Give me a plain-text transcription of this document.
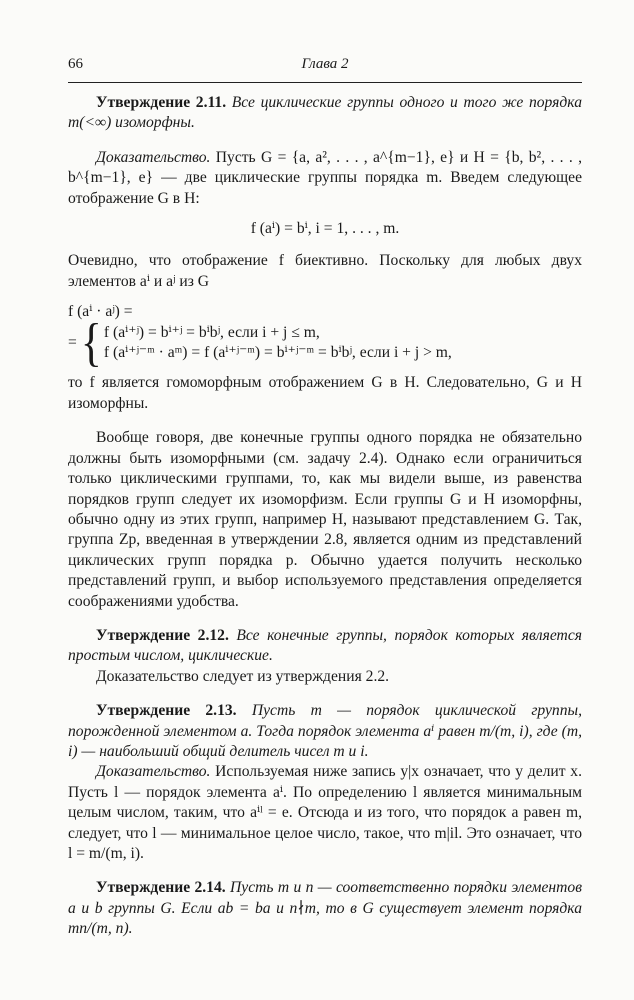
66	Глава 2

Утверждение 2.11. Все циклические группы одного и того же порядка m(<∞) изоморфны.

Доказательство. Пусть G = {a, a², . . . , a^{m−1}, e} и H = {b, b², . . . , b^{m−1}, e} — две циклические группы порядка m. Введем следующее отображение G в H:

f (aⁱ) = bⁱ, i = 1, . . . , m.

Очевидно, что отображение f биективно. Поскольку для любых двух элементов aⁱ и aʲ из G

f (aⁱ · aʲ) =
= { f (aⁱ⁺ʲ) = bⁱ⁺ʲ = bⁱbʲ, если i + j ≤ m,
f (aⁱ⁺ʲ⁻ᵐ · aᵐ) = f (aⁱ⁺ʲ⁻ᵐ) = bⁱ⁺ʲ⁻ᵐ = bⁱbʲ, если i + j > m,

то f является гомоморфным отображением G в H. Следовательно, G и H изоморфны.

Вообще говоря, две конечные группы одного порядка не обязательно должны быть изоморфными (см. задачу 2.4). Однако если ограничиться только циклическими группами, то, как мы видели выше, из равенства порядков групп следует их изоморфизм. Если группы G и H изоморфны, обычно одну из этих групп, например H, называют представлением G. Так, группа Zp, введенная в утверждении 2.8, является одним из представлений циклических групп порядка p. Обычно удается получить несколько представлений групп, и выбор используемого представления определяется соображениями удобства.

Утверждение 2.12. Все конечные группы, порядок которых является простым числом, циклические.

Доказательство следует из утверждения 2.2.

Утверждение 2.13. Пусть m — порядок циклической группы, порожденной элементом a. Тогда порядок элемента aⁱ равен m/(m, i), где (m, i) — наибольший общий делитель чисел m и i.

Доказательство. Используемая ниже запись y|x означает, что y делит x. Пусть l — порядок элемента aⁱ. По определению l является минимальным целым числом, таким, что aⁱˡ = e. Отсюда и из того, что порядок a равен m, следует, что l — минимальное целое число, такое, что m|il. Это означает, что l = m/(m, i).

Утверждение 2.14. Пусть m и n — соответственно порядки элементов a и b группы G. Если ab = ba и n∤m, то в G существует элемент порядка mn/(m, n).
